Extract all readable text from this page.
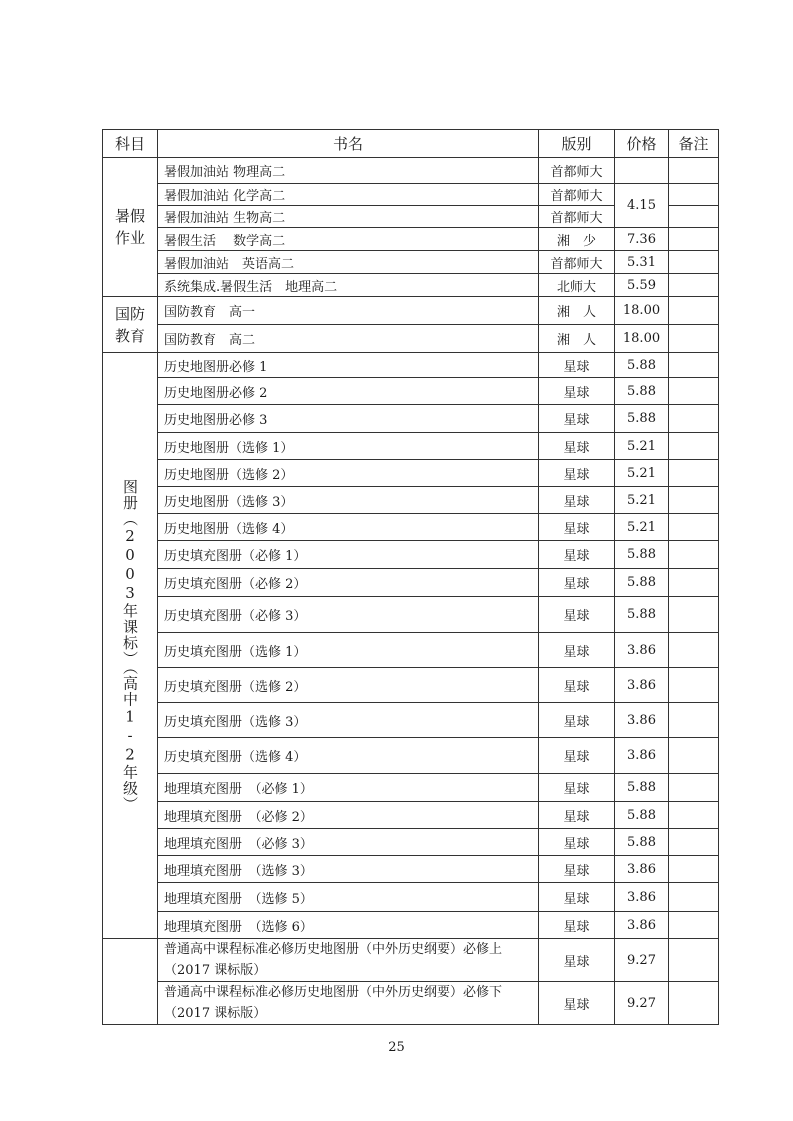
科目	书名	版别	价格	备注

暑假作业	暑假加油站 物理高二	首都师大		
	暑假加油站 化学高二	首都师大	4.15	
	暑假加油站 生物高二	首都师大		
	暑假生活　 数学高二	湘　少	7.36	
	暑假加油站　英语高二	首都师大	5.31	
	系统集成.暑假生活　地理高二	北师大	5.59	

国防教育	国防教育　高一	湘　人	18.00	
	国防教育　高二	湘　人	18.00	

图册（2003年课标）（高中1-2年级）	历史地图册必修 1	星球	5.88	
	历史地图册必修 2	星球	5.88	
	历史地图册必修 3	星球	5.88	
	历史地图册（选修 1）	星球	5.21	
	历史地图册（选修 2）	星球	5.21	
	历史地图册（选修 3）	星球	5.21	
	历史地图册（选修 4）	星球	5.21	
	历史填充图册（必修 1）	星球	5.88	
	历史填充图册（必修 2）	星球	5.88	
	历史填充图册（必修 3）	星球	5.88	
	历史填充图册（选修 1）	星球	3.86	
	历史填充图册（选修 2）	星球	3.86	
	历史填充图册（选修 3）	星球	3.86	
	历史填充图册（选修 4）	星球	3.86	
	地理填充图册　（必修 1）	星球	5.88	
	地理填充图册　（必修 2）	星球	5.88	
	地理填充图册　（必修 3）	星球	5.88	
	地理填充图册　（选修 3）	星球	3.86	
	地理填充图册　（选修 5）	星球	3.86	
	地理填充图册　（选修 6）	星球	3.86	
	普通高中课程标准必修历史地图册（中外历史纲要）必修上（2017 课标版）	星球	9.27	
	普通高中课程标准必修历史地图册（中外历史纲要）必修下（2017 课标版）	星球	9.27	
25
